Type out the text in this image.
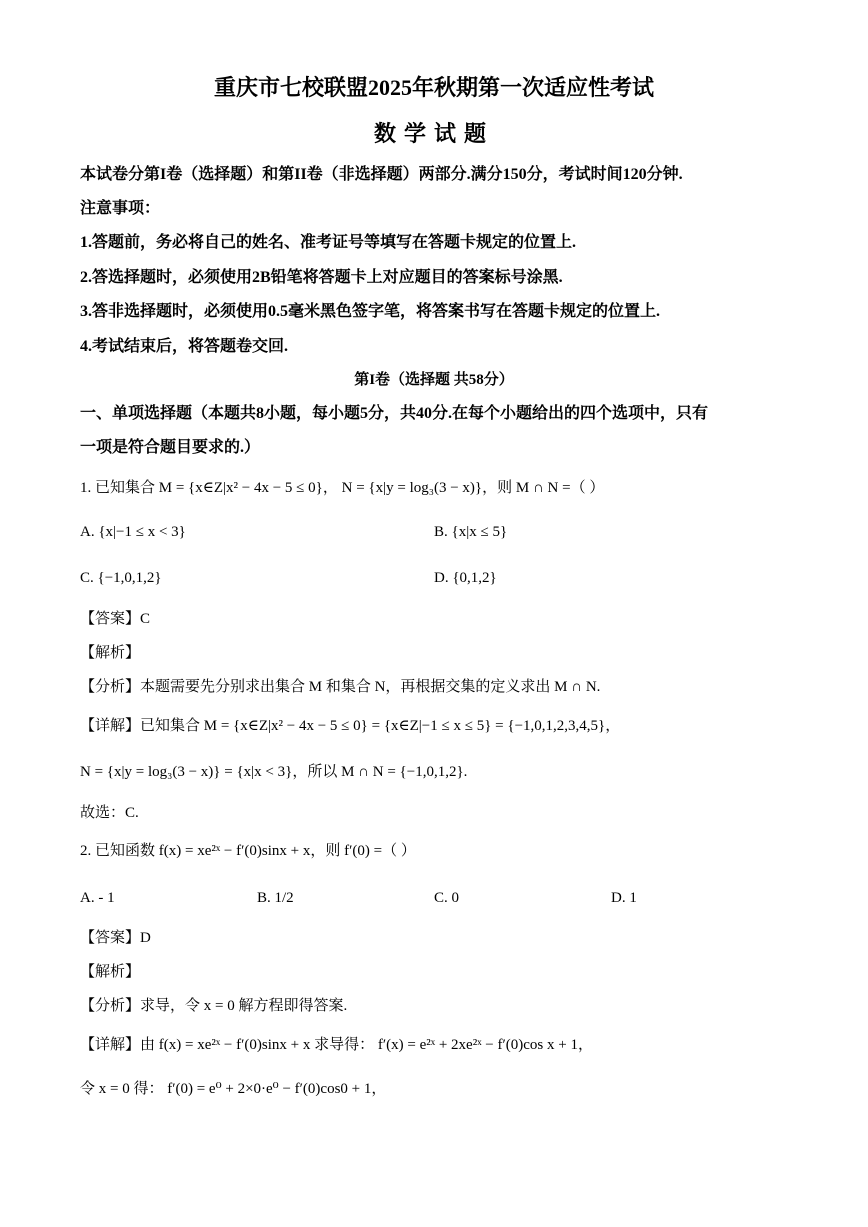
重庆市七校联盟2025年秋期第一次适应性考试
数学试题
本试卷分第I卷（选择题）和第II卷（非选择题）两部分.满分150分，考试时间120分钟.
注意事项：
1.答题前，务必将自己的姓名、准考证号等填写在答题卡规定的位置上.
2.答选择题时，必须使用2B铅笔将答题卡上对应题目的答案标号涂黑.
3.答非选择题时，必须使用0.5毫米黑色签字笔，将答案书写在答题卡规定的位置上.
4.考试结束后，将答题卷交回.
第I卷（选择题 共58分）
一、单项选择题（本题共8小题，每小题5分，共40分.在每个小题给出的四个选项中，只有
一项是符合题目要求的.）
1. 已知集合 M = {x∈Z|x² − 4x − 5 ≤ 0}， N = {x|y = log₃(3 − x)}，则 M ∩ N =（ ）
A. {x|−1 ≤ x < 3}	B. {x|x ≤ 5}
C. {−1,0,1,2}	D. {0,1,2}
【答案】C
【解析】
【分析】本题需要先分别求出集合 M 和集合 N，再根据交集的定义求出 M ∩ N.
【详解】已知集合 M = {x∈Z|x² − 4x − 5 ≤ 0} = {x∈Z|−1 ≤ x ≤ 5} = {−1,0,1,2,3,4,5}，
N = {x|y = log₃(3 − x)} = {x|x < 3}，所以 M ∩ N = {−1,0,1,2}.
故选：C.
2. 已知函数 f(x) = xe²ˣ − f′(0)sinx + x，则 f′(0) =（ ）
A. - 1	B. 1/2	C. 0	D. 1
【答案】D
【解析】
【分析】求导，令 x = 0 解方程即得答案.
【详解】由 f(x) = xe²ˣ − f′(0)sinx + x 求导得： f′(x) = e²ˣ + 2xe²ˣ − f′(0)cos x + 1，
令 x = 0 得： f′(0) = e⁰ + 2×0·e⁰ − f′(0)cos0 + 1，
